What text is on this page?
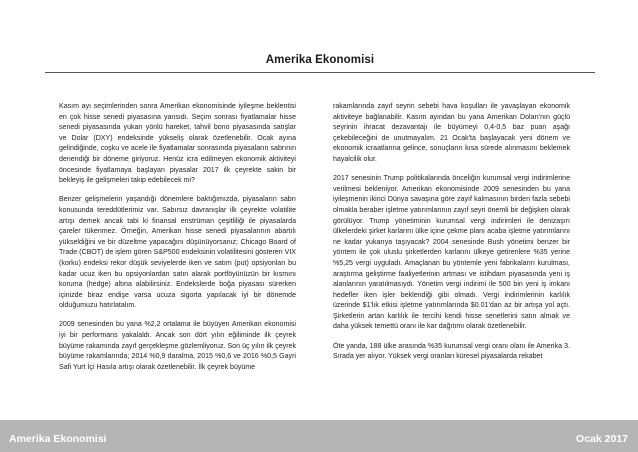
Amerika Ekonomisi

Kasım ayı seçimlerinden sonra Amerikan ekonomisinde iyileşme beklentisi en çok hisse senedi piyasasına yansıdı. Seçim sonrası fiyatlamalar hisse senedi piyasasında yukarı yönlü hareket, tahvil bono piyasasında satışlar ve Dolar (DXY) endeksinde yükseliş olarak özetlenebilir. Ocak ayına gelindiğinde, coşku ve acele ile fiyatlamalar sonrasında piyasaların sabrının denendiği bir döneme giriyoruz. Henüz icra edilmeyen ekonomik aktiviteyi öncesinde fiyatlamaya başlayan piyasalar 2017 ilk çeyrekte sakin bir bekleyiş ile gelişmeleri takip edebilecek mi?

Benzer gelişmelerin yaşandığı dönemlere baktığımızda, piyasaların sabrı konusunda tereddütlerimiz var. Sabırsız davranışlar ilk çeyrekte volatilite artışı demek ancak tabi ki finansal enstrüman çeşitliliği ile piyasalarda çareler tükenmez. Örneğin, Amerikan hisse senedi piyasalarının abartılı yükseldiğini ve bir düzeltme yapacağını düşünüyorsanız; Chicago Board of Trade (CBOT) de işlem gören S&P500 endeksinin volatilitesini gösteren VIX (korku) endeksi rekor düşük seviyelerde iken ve satım (put) opsiyonları bu kadar ucuz iken bu opsiyonlardan satın alarak portföyünüzün bir kısmını koruma (hedge) altına alabilirsiniz. Endekslerde boğa piyasası sürerken içinizde biraz endişe varsa ucuza sigorta yapılacak iyi bir dönemde olduğumuzu hatırlatalım.

2009 senesinden bu yana %2,2 ortalama ile büyüyen Amerikan ekonomisi iyi bir performans yakalaldı. Ancak son dört yılın eğiliminde ilk çeyrek büyüme rakamında zayıf gerçekleşme gözlemliyoruz. Son üç yılın ilk çeyrek büyüme rakamlarında; 2014 %0,9 daralma, 2015 %0,6 ve 2016 %0,5 Gayri Safi Yurt İçi Hasıla artışı olarak özetlenebilir. İlk çeyrek büyüme

rakamlarında zayıf seyrin sebebi hava koşulları ile yavaşlayan ekonomik aktiviteye bağlanabilir. Kasım ayından bu yana Amerikan Doları'nın güçlü seyrinin ihracat dezavantajı ile büyümeyi 0,4-0,5 baz puan aşağı çekebileceğini de unutmayalım. 21 Ocak'ta başlayacak yeni dönem ve ekonomik icraatlarına gelince, sonuçların kısa sürede alınmasını beklemek hayalcilik olur.

2017 senesinin Trump politikalarında önceliğin kurumsal vergi indirimlerine verilmesi bekleniyor. Amerikan ekonomisinde 2009 senesinden bu yana iyileşmenin ikinci Dünya savaşına göre zayıf kalmasının birden fazla sebebi olmakla beraber işletme yatırımlarının zayıf seyri önemli bir değişken olarak görülüyor. Trump yönetiminin kurumsal vergi indirimleri ile denizaşırı ülkelerdeki şirket karlarını ülke içine çekme planı acaba işletme yatırımlarını ne kadar yukarıya taşıyacak? 2004 senesinde Bush yönetimi benzer bir yöntem ile çok uluslu şirketlerden karlarını ülkeye getirenlere %35 yerine %5,25 vergi uyguladı. Amaçlanan bu yöntemle yeni fabrikaların kurulması, araştırma geliştirme faaliyetlerinin artması ve istihdam piyasasında yeni iş alanlarının yaratılmasıydı. Yönetim vergi indirimi ile 500 bin yeni iş imkanı hedefler iken işler beklendiği gibi olmadı. Vergi indirimlerinin karlılık üzerinde $1'lık etkisi işletme yatırımlarında $0.01'dan az bir artışa yol açtı. Şirketlerin artan karlılık ile tercihi kendi hisse senetlerini satın almak ve daha yüksek temettü oranı ile kar dağıtımı olarak özetlenebilir.

Öte yanda, 188 ülke arasında %35 kurumsal vergi oranı olanı ile Amerika 3. Sırada yer alıyor. Yüksek vergi oranları küresel piyasalarda rekabet

Amerika Ekonomisi	Ocak 2017
